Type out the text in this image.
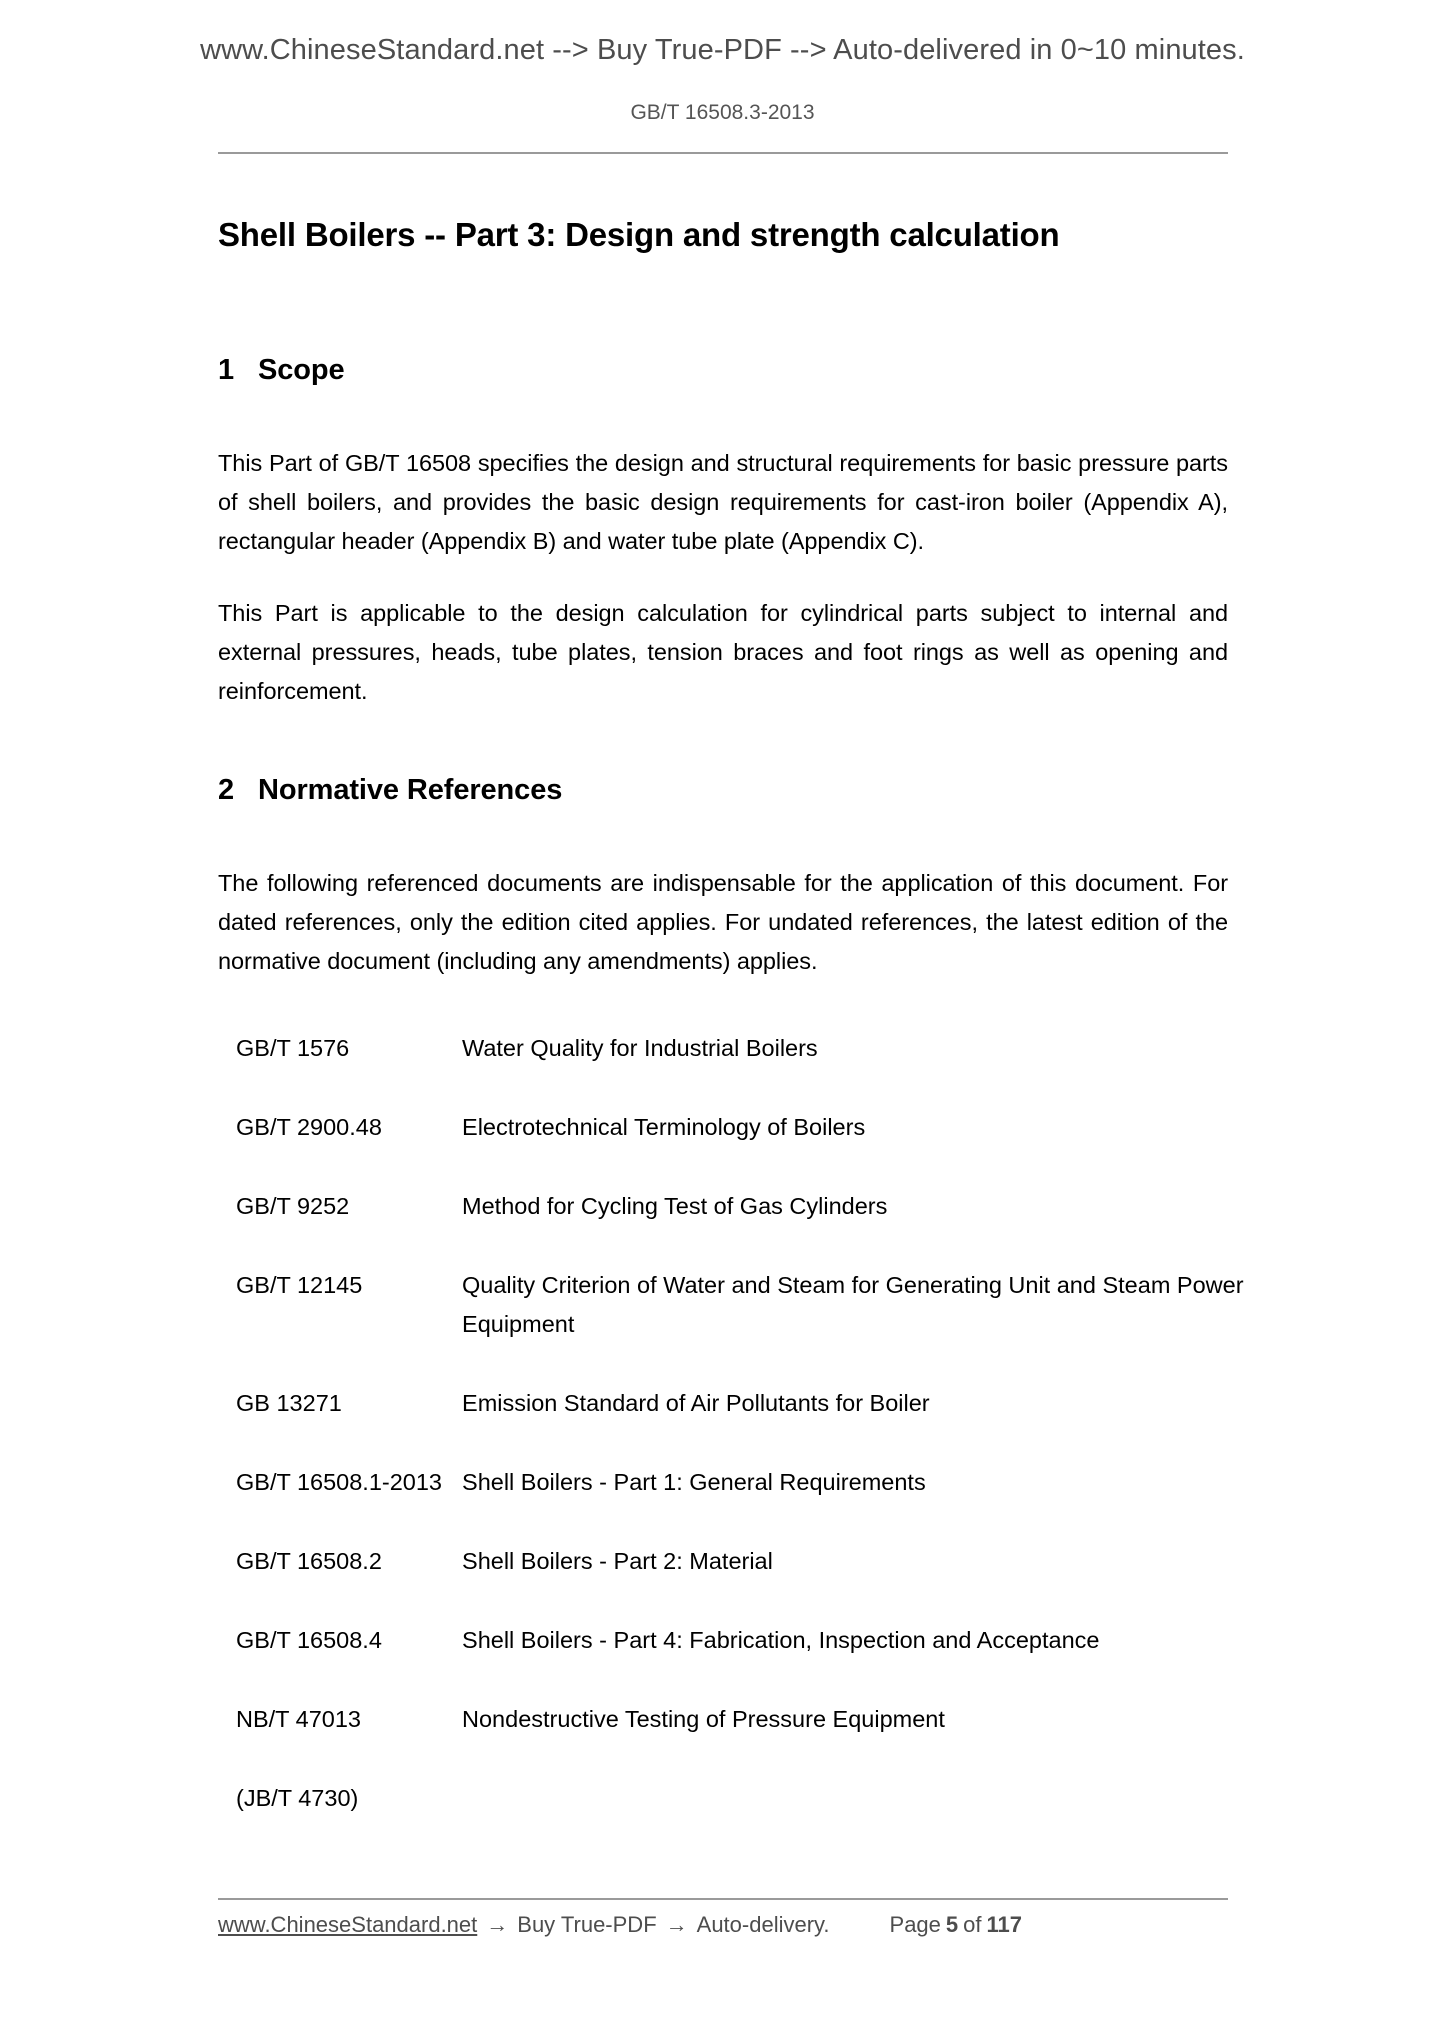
www.ChineseStandard.net --> Buy True-PDF --> Auto-delivered in 0~10 minutes.
GB/T 16508.3-2013
Shell Boilers -- Part 3: Design and strength calculation
1 Scope

This Part of GB/T 16508 specifies the design and structural requirements for basic pressure parts of shell boilers, and provides the basic design requirements for cast-iron boiler (Appendix A), rectangular header (Appendix B) and water tube plate (Appendix C).

This Part is applicable to the design calculation for cylindrical parts subject to internal and external pressures, heads, tube plates, tension braces and foot rings as well as opening and reinforcement.

2 Normative References

The following referenced documents are indispensable for the application of this document. For dated references, only the edition cited applies. For undated references, the latest edition of the normative document (including any amendments) applies.

GB/T 1576	Water Quality for Industrial Boilers
GB/T 2900.48	Electrotechnical Terminology of Boilers
GB/T 9252	Method for Cycling Test of Gas Cylinders
GB/T 12145	Quality Criterion of Water and Steam for Generating Unit and Steam Power Equipment
GB 13271	Emission Standard of Air Pollutants for Boiler
GB/T 16508.1-2013	Shell Boilers - Part 1: General Requirements
GB/T 16508.2	Shell Boilers - Part 2: Material
GB/T 16508.4	Shell Boilers - Part 4: Fabrication, Inspection and Acceptance
NB/T 47013	Nondestructive Testing of Pressure Equipment
(JB/T 4730)	
www.ChineseStandard.net → Buy True-PDF → Auto-delivery.	Page 5 of 117
